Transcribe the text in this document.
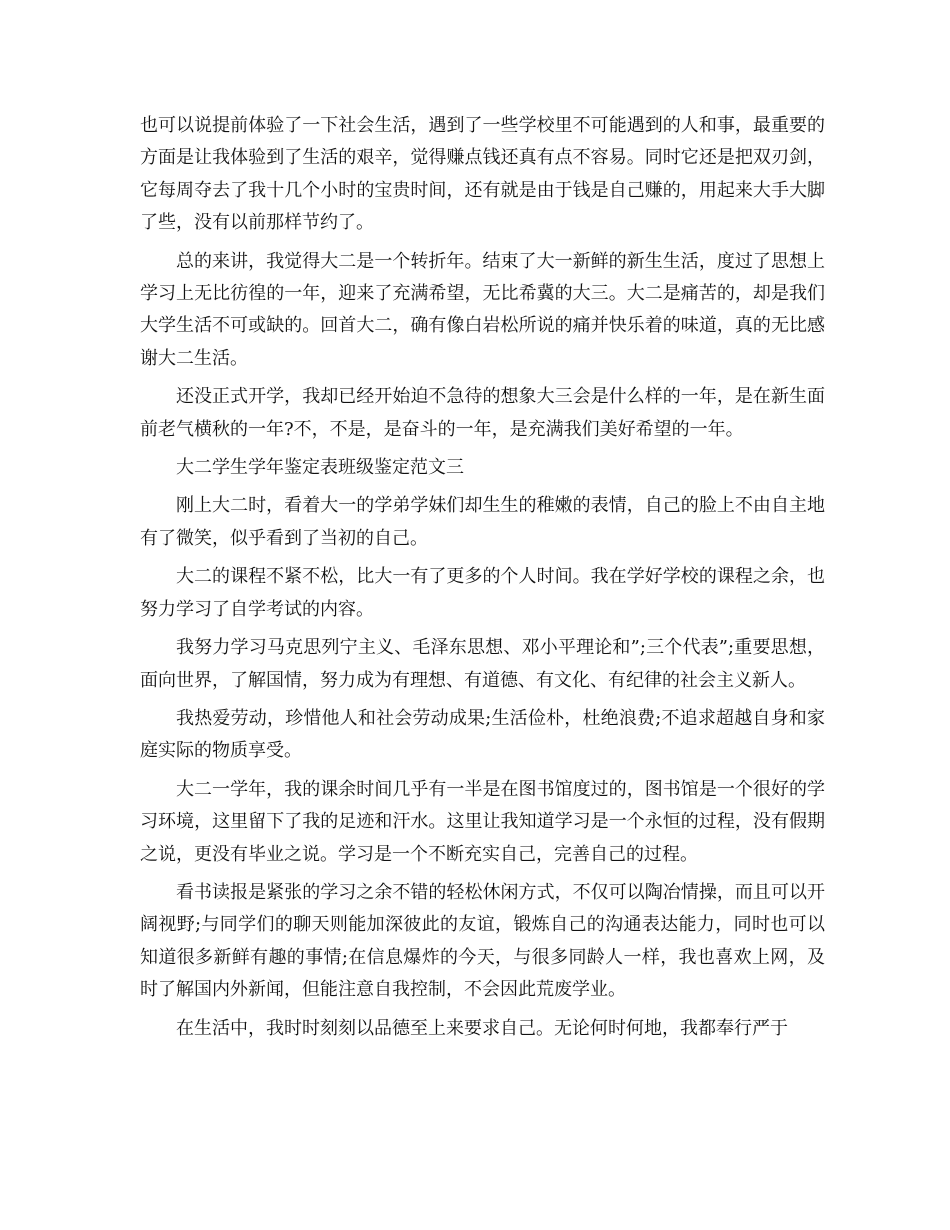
也可以说提前体验了一下社会生活，遇到了一些学校里不可能遇到的人和事，最重要的方面是让我体验到了生活的艰辛，觉得赚点钱还真有点不容易。同时它还是把双刃剑，它每周夺去了我十几个小时的宝贵时间，还有就是由于钱是自己赚的，用起来大手大脚了些，没有以前那样节约了。

总的来讲，我觉得大二是一个转折年。结束了大一新鲜的新生生活，度过了思想上学习上无比彷徨的一年，迎来了充满希望，无比希冀的大三。大二是痛苦的，却是我们大学生活不可或缺的。回首大二，确有像白岩松所说的痛并快乐着的味道，真的无比感谢大二生活。

还没正式开学，我却已经开始迫不急待的想象大三会是什么样的一年，是在新生面前老气横秋的一年?不，不是，是奋斗的一年，是充满我们美好希望的一年。

大二学生学年鉴定表班级鉴定范文三

刚上大二时，看着大一的学弟学妹们却生生的稚嫩的表情，自己的脸上不由自主地有了微笑，似乎看到了当初的自己。

大二的课程不紧不松，比大一有了更多的个人时间。我在学好学校的课程之余，也努力学习了自学考试的内容。

我努力学习马克思列宁主义、毛泽东思想、邓小平理论和”;三个代表”;重要思想，面向世界，了解国情，努力成为有理想、有道德、有文化、有纪律的社会主义新人。

我热爱劳动，珍惜他人和社会劳动成果;生活俭朴，杜绝浪费;不追求超越自身和家庭实际的物质享受。

大二一学年，我的课余时间几乎有一半是在图书馆度过的，图书馆是一个很好的学习环境，这里留下了我的足迹和汗水。这里让我知道学习是一个永恒的过程，没有假期之说，更没有毕业之说。学习是一个不断充实自己，完善自己的过程。

看书读报是紧张的学习之余不错的轻松休闲方式，不仅可以陶冶情操，而且可以开阔视野;与同学们的聊天则能加深彼此的友谊，锻炼自己的沟通表达能力，同时也可以知道很多新鲜有趣的事情;在信息爆炸的今天，与很多同龄人一样，我也喜欢上网，及时了解国内外新闻，但能注意自我控制，不会因此荒废学业。

在生活中，我时时刻刻以品德至上来要求自己。无论何时何地，我都奉行严于
